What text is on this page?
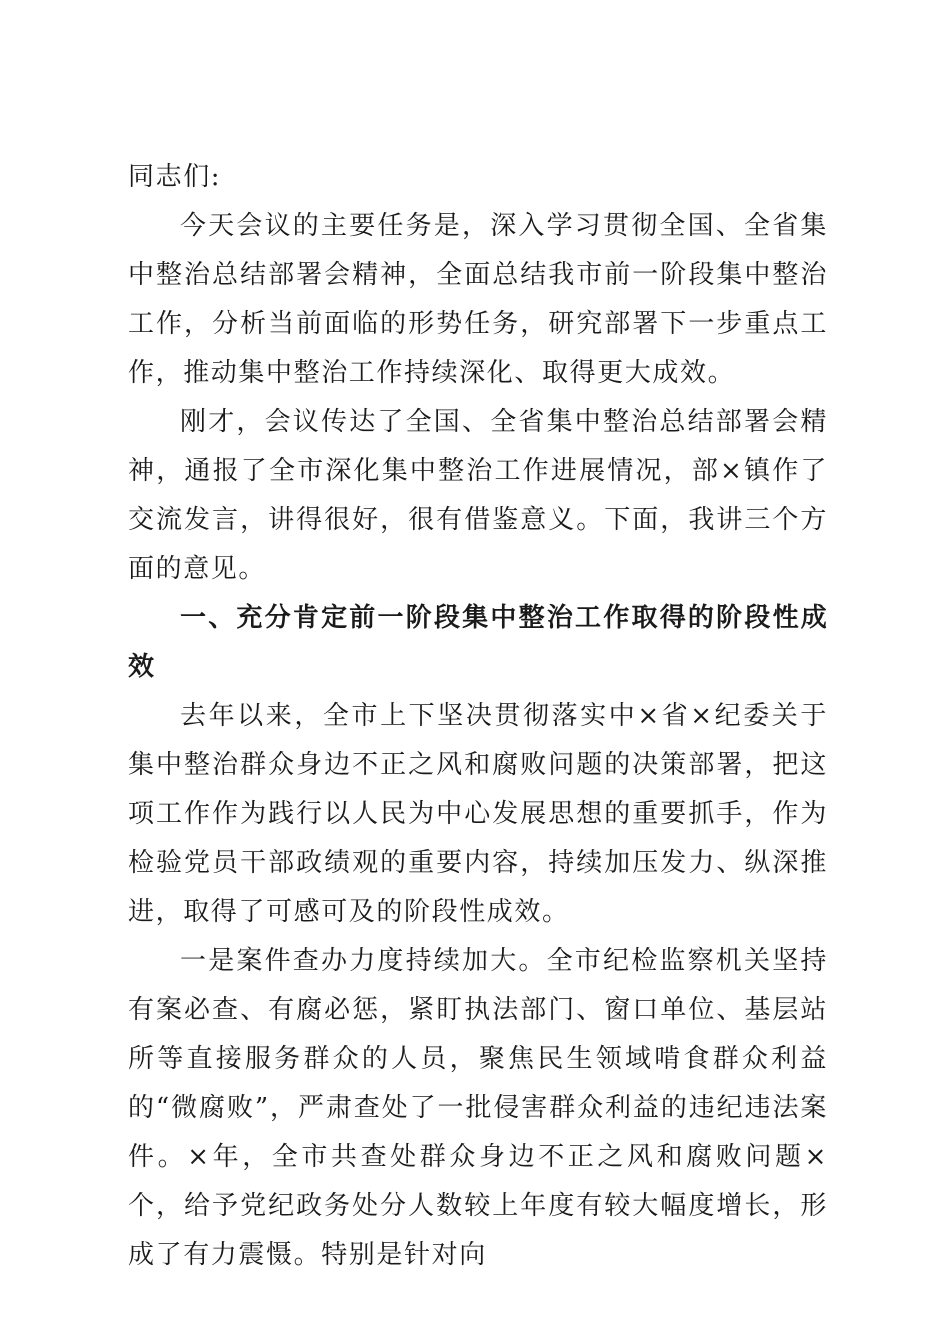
同志们:

今天会议的主要任务是，深入学习贯彻全国、全省集中整治总结部署会精神，全面总结我市前一阶段集中整治工作，分析当前面临的形势任务，研究部署下一步重点工作，推动集中整治工作持续深化、取得更大成效。

刚才，会议传达了全国、全省集中整治总结部署会精神，通报了全市深化集中整治工作进展情况，部×镇作了交流发言，讲得很好，很有借鉴意义。下面，我讲三个方面的意见。

一、充分肯定前一阶段集中整治工作取得的阶段性成效

去年以来，全市上下坚决贯彻落实中×省×纪委关于集中整治群众身边不正之风和腐败问题的决策部署，把这项工作作为践行以人民为中心发展思想的重要抓手，作为检验党员干部政绩观的重要内容，持续加压发力、纵深推进，取得了可感可及的阶段性成效。

一是案件查办力度持续加大。全市纪检监察机关坚持有案必查、有腐必惩，紧盯执法部门、窗口单位、基层站所等直接服务群众的人员，聚焦民生领域啃食群众利益的“微腐败”，严肃查处了一批侵害群众利益的违纪违法案件。×年，全市共查处群众身边不正之风和腐败问题×个，给予党纪政务处分人数较上年度有较大幅度增长，形成了有力震慑。特别是针对向
